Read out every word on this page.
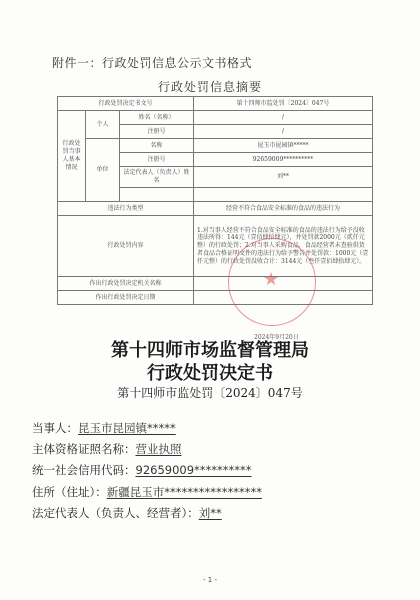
附件一：行政处罚信息公示文书格式
行政处罚信息摘要
行政处罚决定书文号			第十四师市监处罚〔2024〕047号
行政处罚当事人基本情况	个人	姓名（名称）	/
		注册号	/
	单位	名称	昆玉市昆园镇*****
		注册号	92659009**********
		法定代表人（负责人）姓名	刘**

违法行为类型			经营不符合食品安全标准的食品的违法行为
行政处罚内容			1.对当事人经营不符合食品安全标准的食品的违法行为给予没收违法所得：144元（壹佰肆拾肆元），并处罚款2000元（贰仟元整）的行政处罚；2.对当事人采购食品，食品经营者未查验供货者食品合格证明文件的违法行为给予警告并处罚款：1000元（壹仟元整）的行政处罚没收合计：3144元（叁仟壹佰肆拾肆元）。
作出行政处罚决定机关名称			
作出行政处罚决定日期			
★
2024年9月20日
第十四师市场监督管理局
行政处罚决定书
第十四师市监处罚〔2024〕047号
当事人：昆玉市昆园镇*****
主体资格证照名称：营业执照
统一社会信用代码：92659009**********
住所（住址）：新疆昆玉市*****************
法定代表人（负责人、经营者）：刘**
- 1 -
